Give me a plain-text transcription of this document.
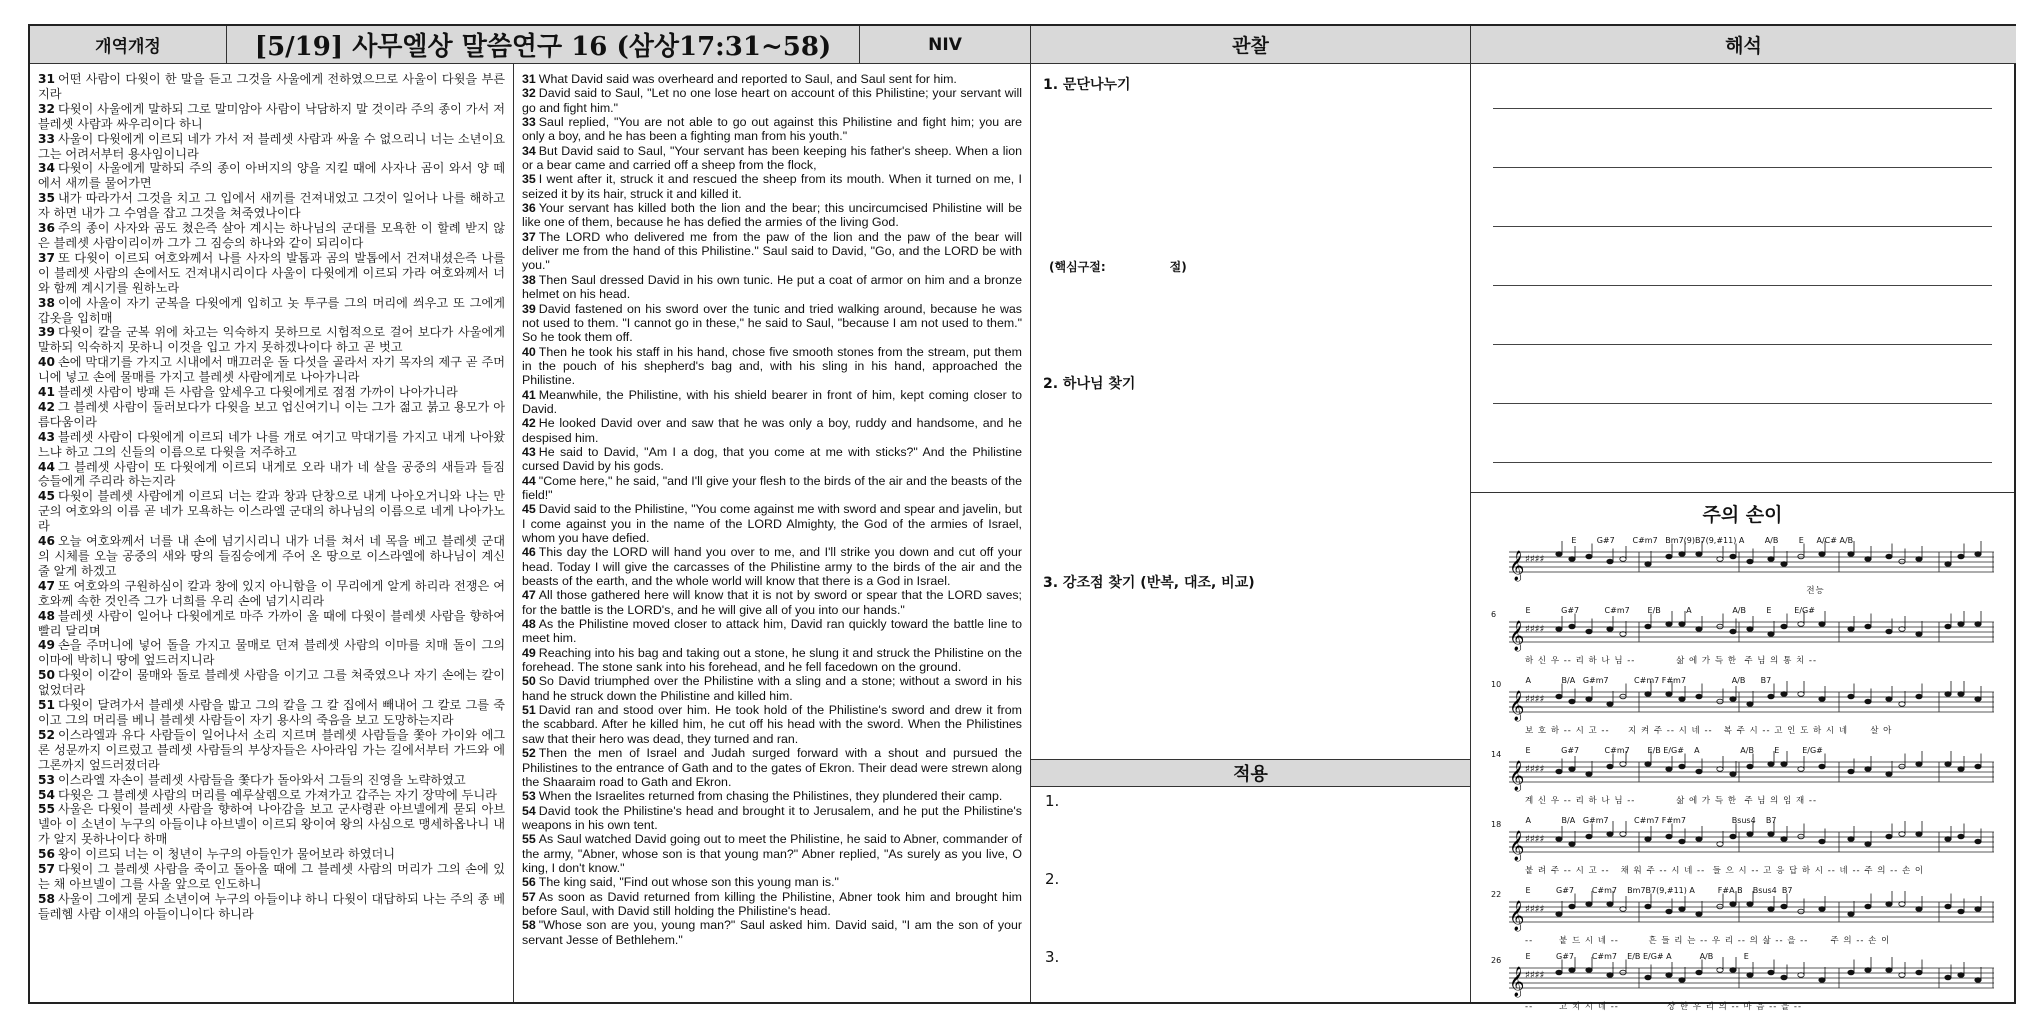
31 어떤 사람이 다윗이 한 말을 듣고 그것을 사울에게 전하였으므로 사울이 다윗을 부른지라
32 다윗이 사울에게 말하되 그로 말미암아 사람이 낙담하지 말 것이라 주의 종이 가서 저 블레셋 사람과 싸우리이다 하니
33 사울이 다윗에게 이르되 네가 가서 저 블레셋 사람과 싸울 수 없으리니 너는 소년이요 그는 어려서부터 용사임이니라
34 다윗이 사울에게 말하되 주의 종이 아버지의 양을 지킬 때에 사자나 곰이 와서 양 떼에서 새끼를 물어가면
35 내가 따라가서 그것을 치고 그 입에서 새끼를 건져내었고 그것이 일어나 나를 해하고자 하면 내가 그 수염을 잡고 그것을 쳐죽였나이다
36 주의 종이 사자와 곰도 쳤은즉 살아 계시는 하나님의 군대를 모욕한 이 할례 받지 않은 블레셋 사람이리이까 그가 그 짐승의 하나와 같이 되리이다
37 또 다윗이 이르되 여호와께서 나를 사자의 발톱과 곰의 발톱에서 건져내셨은즉 나를 이 블레셋 사람의 손에서도 건져내시리이다 사울이 다윗에게 이르되 가라 여호와께서 너와 함께 계시기를 원하노라
38 이에 사울이 자기 군복을 다윗에게 입히고 놋 투구를 그의 머리에 씌우고 또 그에게 갑옷을 입히매
39 다윗이 칼을 군복 위에 차고는 익숙하지 못하므로 시험적으로 걸어 보다가 사울에게 말하되 익숙하지 못하니 이것을 입고 가지 못하겠나이다 하고 곧 벗고
40 손에 막대기를 가지고 시내에서 매끄러운 돌 다섯을 골라서 자기 목자의 제구 곧 주머니에 넣고 손에 물매를 가지고 블레셋 사람에게로 나아가니라
41 블레셋 사람이 방패 든 사람을 앞세우고 다윗에게로 점점 가까이 나아가니라
42 그 블레셋 사람이 둘러보다가 다윗을 보고 업신여기니 이는 그가 젊고 붉고 용모가 아름다움이라
43 블레셋 사람이 다윗에게 이르되 네가 나를 개로 여기고 막대기를 가지고 내게 나아왔느냐 하고 그의 신들의 이름으로 다윗을 저주하고
44 그 블레셋 사람이 또 다윗에게 이르되 내게로 오라 내가 네 살을 공중의 새들과 들짐승들에게 주리라 하는지라
45 다윗이 블레셋 사람에게 이르되 너는 칼과 창과 단창으로 내게 나아오거니와 나는 만군의 여호와의 이름 곧 네가 모욕하는 이스라엘 군대의 하나님의 이름으로 네게 나아가노라
46 오늘 여호와께서 너를 내 손에 넘기시리니 내가 너를 쳐서 네 목을 베고 블레셋 군대의 시체를 오늘 공중의 새와 땅의 들짐승에게 주어 온 땅으로 이스라엘에 하나님이 계신 줄 알게 하겠고
47 또 여호와의 구원하심이 칼과 창에 있지 아니함을 이 무리에게 알게 하리라 전쟁은 여호와께 속한 것인즉 그가 너희를 우리 손에 넘기시리라
48 블레셋 사람이 일어나 다윗에게로 마주 가까이 올 때에 다윗이 블레셋 사람을 향하여 빨리 달리며
49 손을 주머니에 넣어 돌을 가지고 물매로 던져 블레셋 사람의 이마를 치매 돌이 그의 이마에 박히니 땅에 엎드러지니라
50 다윗이 이같이 물매와 돌로 블레셋 사람을 이기고 그를 쳐죽였으나 자기 손에는 칼이 없었더라
51 다윗이 달려가서 블레셋 사람을 밟고 그의 칼을 그 칼 집에서 빼내어 그 칼로 그를 죽이고 그의 머리를 베니 블레셋 사람들이 자기 용사의 죽음을 보고 도망하는지라
52 이스라엘과 유다 사람들이 일어나서 소리 지르며 블레셋 사람들을 쫓아 가이와 에그론 성문까지 이르렀고 블레셋 사람들의 부상자들은 사아라임 가는 길에서부터 가드와 에그론까지 엎드러졌더라
53 이스라엘 자손이 블레셋 사람들을 쫓다가 돌아와서 그들의 진영을 노략하였고
54 다윗은 그 블레셋 사람의 머리를 예루살렘으로 가져가고 갑주는 자기 장막에 두니라
55 사울은 다윗이 블레셋 사람을 향하여 나아감을 보고 군사령관 아브넬에게 묻되 아브넬아 이 소년이 누구의 아들이냐 아브넬이 이르되 왕이여 왕의 사심으로 맹세하옵나니 내가 알지 못하나이다 하매
56 왕이 이르되 너는 이 청년이 누구의 아들인가 물어보라 하였더니
57 다윗이 그 블레셋 사람을 죽이고 돌아올 때에 그 블레셋 사람의 머리가 그의 손에 있는 채 아브넬이 그를 사울 앞으로 인도하니
58 사울이 그에게 묻되 소년이여 누구의 아들이냐 하니 다윗이 대답하되 나는 주의 종 베들레헴 사람 이새의 아들이니이다 하니라
31 What David said was overheard and reported to Saul, and Saul sent for him.
32 David said to Saul, "Let no one lose heart on account of this Philistine; your servant will go and fight him."
33 Saul replied, "You are not able to go out against this Philistine and fight him; you are only a boy, and he has been a fighting man from his youth."
34 But David said to Saul, "Your servant has been keeping his father's sheep. When a lion or a bear came and carried off a sheep from the flock,
35 I went after it, struck it and rescued the sheep from its mouth. When it turned on me, I seized it by its hair, struck it and killed it.
36 Your servant has killed both the lion and the bear; this uncircumcised Philistine will be like one of them, because he has defied the armies of the living God.
37 The LORD who delivered me from the paw of the lion and the paw of the bear will deliver me from the hand of this Philistine." Saul said to David, "Go, and the LORD be with you."
38 Then Saul dressed David in his own tunic. He put a coat of armor on him and a bronze helmet on his head.
39 David fastened on his sword over the tunic and tried walking around, because he was not used to them. "I cannot go in these," he said to Saul, "because I am not used to them." So he took them off.
40 Then he took his staff in his hand, chose five smooth stones from the stream, put them in the pouch of his shepherd's bag and, with his sling in his hand, approached the Philistine.
41 Meanwhile, the Philistine, with his shield bearer in front of him, kept coming closer to David.
42 He looked David over and saw that he was only a boy, ruddy and handsome, and he despised him.
43 He said to David, "Am I a dog, that you come at me with sticks?" And the Philistine cursed David by his gods.
44 "Come here," he said, "and I'll give your flesh to the birds of the air and the beasts of the field!"
45 David said to the Philistine, "You come against me with sword and spear and javelin, but I come against you in the name of the LORD Almighty, the God of the armies of Israel, whom you have defied.
46 This day the LORD will hand you over to me, and I'll strike you down and cut off your head. Today I will give the carcasses of the Philistine army to the birds of the air and the beasts of the earth, and the whole world will know that there is a God in Israel.
47 All those gathered here will know that it is not by sword or spear that the LORD saves; for the battle is the LORD's, and he will give all of you into our hands."
48 As the Philistine moved closer to attack him, David ran quickly toward the battle line to meet him.
49 Reaching into his bag and taking out a stone, he slung it and struck the Philistine on the forehead. The stone sank into his forehead, and he fell facedown on the ground.
50 So David triumphed over the Philistine with a sling and a stone; without a sword in his hand he struck down the Philistine and killed him.
51 David ran and stood over him. He took hold of the Philistine's sword and drew it from the scabbard. After he killed him, he cut off his head with the sword. When the Philistines saw that their hero was dead, they turned and ran.
52 Then the men of Israel and Judah surged forward with a shout and pursued the Philistines to the entrance of Gath and to the gates of Ekron. Their dead were strewn along the Shaaraim road to Gath and Ekron.
53 When the Israelites returned from chasing the Philistines, they plundered their camp.
54 David took the Philistine's head and brought it to Jerusalem, and he put the Philistine's weapons in his own tent.
55 As Saul watched David going out to meet the Philistine, he said to Abner, commander of the army, "Abner, whose son is that young man?" Abner replied, "As surely as you live, O king, I don't know."
56 The king said, "Find out whose son this young man is."
57 As soon as David returned from killing the Philistine, Abner took him and brought him before Saul, with David still holding the Philistine's head.
58 "Whose son are you, young man?" Saul asked him. David said, "I am the son of your servant Jesse of Bethlehem."
1. 문단나누기
(핵심구절:	절)
2. 하나님 찾기
3. 강조점 찾기 (반복, 대조, 비교)
적용
1.
2.
3.
주의 손이
𝄞 ♯♯♯♯
E        G#7       C#m7   Bm7(9)B7(9,#11) A        A/B        E     A/C# A/B
전능
𝄞 ♯♯♯♯
6	E            G#7          C#m7       E/B          A                A/B        E         E/G#
하 신 우 -- 리 하 나 님 --           삶 에 가 득 한  주 님 의 통 치 --
𝄞 ♯♯♯♯
10	A            B/A   G#m7          C#m7 F#m7                  A/B      B7
보 호 하 -- 시 고 --     지 켜 주 -- 시 네 --   복 주 시 -- 고 인 도 하 시 네      살 아
𝄞 ♯♯♯♯
14	E            G#7          C#m7       E/B E/G#    A                A/B        E         E/G#
계 신 우 -- 리 하 나 님 --           삶 에 가 득 한  주 님 의 임 재 --
𝄞 ♯♯♯♯
18	A            B/A   G#m7          C#m7 F#m7                  Bsus4    B7
붙 려 주 -- 시 고 --   채 워 주 -- 시 네 --  들 으 시 -- 고 응 답 하 시 -- 네 -- 주 의 -- 손 이
𝄞 ♯♯♯♯
22	E          G#7       C#m7    Bm7B7(9,#11) A         F#A B    Bsus4  B7
--       붙 드 시 네 --        흔 들 리 는 -- 우 리 -- 의 삶 -- 을 --      주 의 -- 손 이
𝄞 ♯♯♯♯
26	E          G#7       C#m7    E/B E/G# A           A/B            E
--       고 치 시 네 --             상 한 우 리 의 -- 마 음 -- 을 --
개역개정	[5/19] 사무엘상 말씀연구 16 (삼상17:31~58)	NIV	관찰	해석
